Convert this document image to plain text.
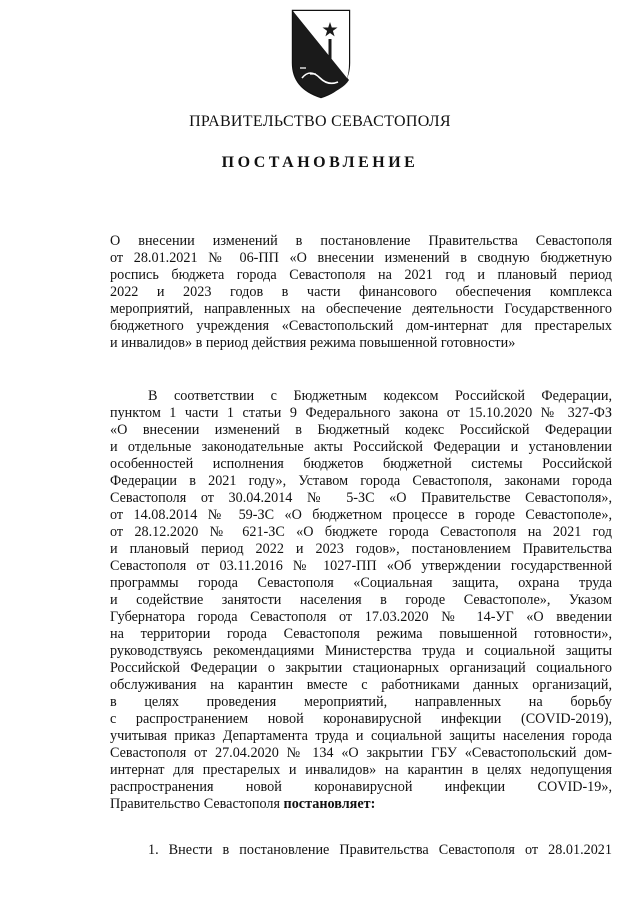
ПРАВИТЕЛЬСТВО СЕВАСТОПОЛЯ
ПОСТАНОВЛЕНИЕ
О внесении изменений в постановление Правительства Севастополя
от 28.01.2021 № 06-ПП «О внесении изменений в сводную бюджетную
роспись бюджета города Севастополя на 2021 год и плановый период
2022 и 2023 годов в части финансового обеспечения комплекса
мероприятий, направленных на обеспечение деятельности Государственного
бюджетного учреждения «Севастопольский дом-интернат для престарелых
и инвалидов» в период действия режима повышенной готовности»
В соответствии с Бюджетным кодексом Российской Федерации,
пунктом 1 части 1 статьи 9 Федерального закона от 15.10.2020 № 327-ФЗ
«О внесении изменений в Бюджетный кодекс Российской Федерации
и отдельные законодательные акты Российской Федерации и установлении
особенностей исполнения бюджетов бюджетной системы Российской
Федерации в 2021 году», Уставом города Севастополя, законами города
Севастополя от 30.04.2014 № 5-ЗС «О Правительстве Севастополя»,
от 14.08.2014 № 59-ЗС «О бюджетном процессе в городе Севастополе»,
от 28.12.2020 № 621-ЗС «О бюджете города Севастополя на 2021 год
и плановый период 2022 и 2023 годов», постановлением Правительства
Севастополя от 03.11.2016 № 1027-ПП «Об утверждении государственной
программы города Севастополя «Социальная защита, охрана труда
и содействие занятости населения в городе Севастополе», Указом
Губернатора города Севастополя от 17.03.2020 № 14-УГ «О введении
на территории города Севастополя режима повышенной готовности»,
руководствуясь рекомендациями Министерства труда и социальной защиты
Российской Федерации о закрытии стационарных организаций социального
обслуживания на карантин вместе с работниками данных организаций,
в целях проведения мероприятий, направленных на борьбу
с распространением новой коронавирусной инфекции (COVID-2019),
учитывая приказ Департамента труда и социальной защиты населения города
Севастополя от 27.04.2020 № 134 «О закрытии ГБУ «Севастопольский дом-
интернат для престарелых и инвалидов» на карантин в целях недопущения
распространения новой коронавирусной инфекции COVID-19»,
Правительство Севастополя постановляет:
1. Внести в постановление Правительства Севастополя от 28.01.2021
